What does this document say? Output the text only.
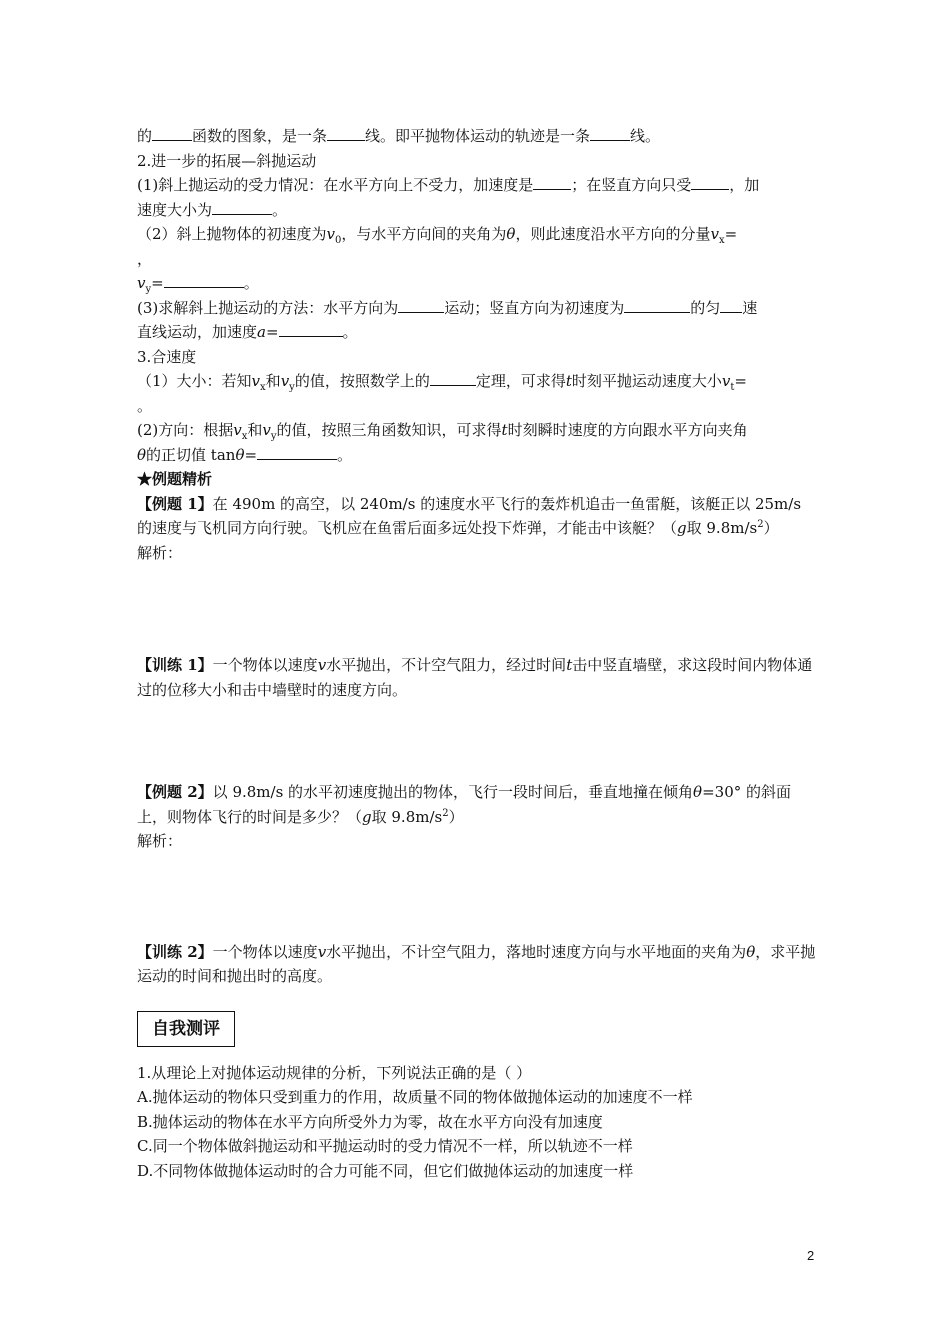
的	函数的图象，是一条	线。即平抛物体运动的轨迹是一条	线。
2.进一步的拓展—斜抛运动
(1)斜上抛运动的受力情况：在水平方向上不受力，加速度是	；在竖直方向只受	，加
速度大小为	。
（2）斜上抛物体的初速度为$v_0$，与水平方向间的夹角为θ，则此速度沿水平方向的分量$v_x=$
，
$v_y=$	。
(3)求解斜上抛运动的方法：水平方向为	运动；竖直方向为初速度为	的匀 速
直线运动，加速度a=	。
3.合速度
（1）大小：若知$v_x$和$v_y$的值，按照数学上的	定理，可求得t时刻平抛运动速度大小$v_t=$
。
(2)方向：根据$v_x$和$v_y$的值，按照三角函数知识，可求得t时刻瞬时速度的方向跟水平方向夹角
θ的正切值 tanθ=	。
★例题精析
【例题 1】在 490m 的高空，以 240m/s 的速度水平飞行的轰炸机追击一鱼雷艇，该艇正以 25m/s 的速度与飞机同方向行驶。飞机应在鱼雷后面多远处投下炸弹，才能击中该艇？（g取 $9.8m/s^2$）
解析：
【训练 1】一个物体以速度v水平抛出，不计空气阻力，经过时间t击中竖直墙壁，求这段时间内物体通过的位移大小和击中墙壁时的速度方向。
【例题 2】以 9.8m/s 的水平初速度抛出的物体，飞行一段时间后，垂直地撞在倾角θ=30° 的斜面上，则物体飞行的时间是多少？（g取 $9.8m/s^2$）
解析：
【训练 2】一个物体以速度v水平抛出，不计空气阻力，落地时速度方向与水平地面的夹角为θ，求平抛运动的时间和抛出时的高度。
自我测评
1.从理论上对抛体运动规律的分析，下列说法正确的是（ ）
A.抛体运动的物体只受到重力的作用，故质量不同的物体做抛体运动的加速度不一样
B.抛体运动的物体在水平方向所受外力为零，故在水平方向没有加速度
C.同一个物体做斜抛运动和平抛运动时的受力情况不一样，所以轨迹不一样
D.不同物体做抛体运动时的合力可能不同，但它们做抛体运动的加速度一样
2
